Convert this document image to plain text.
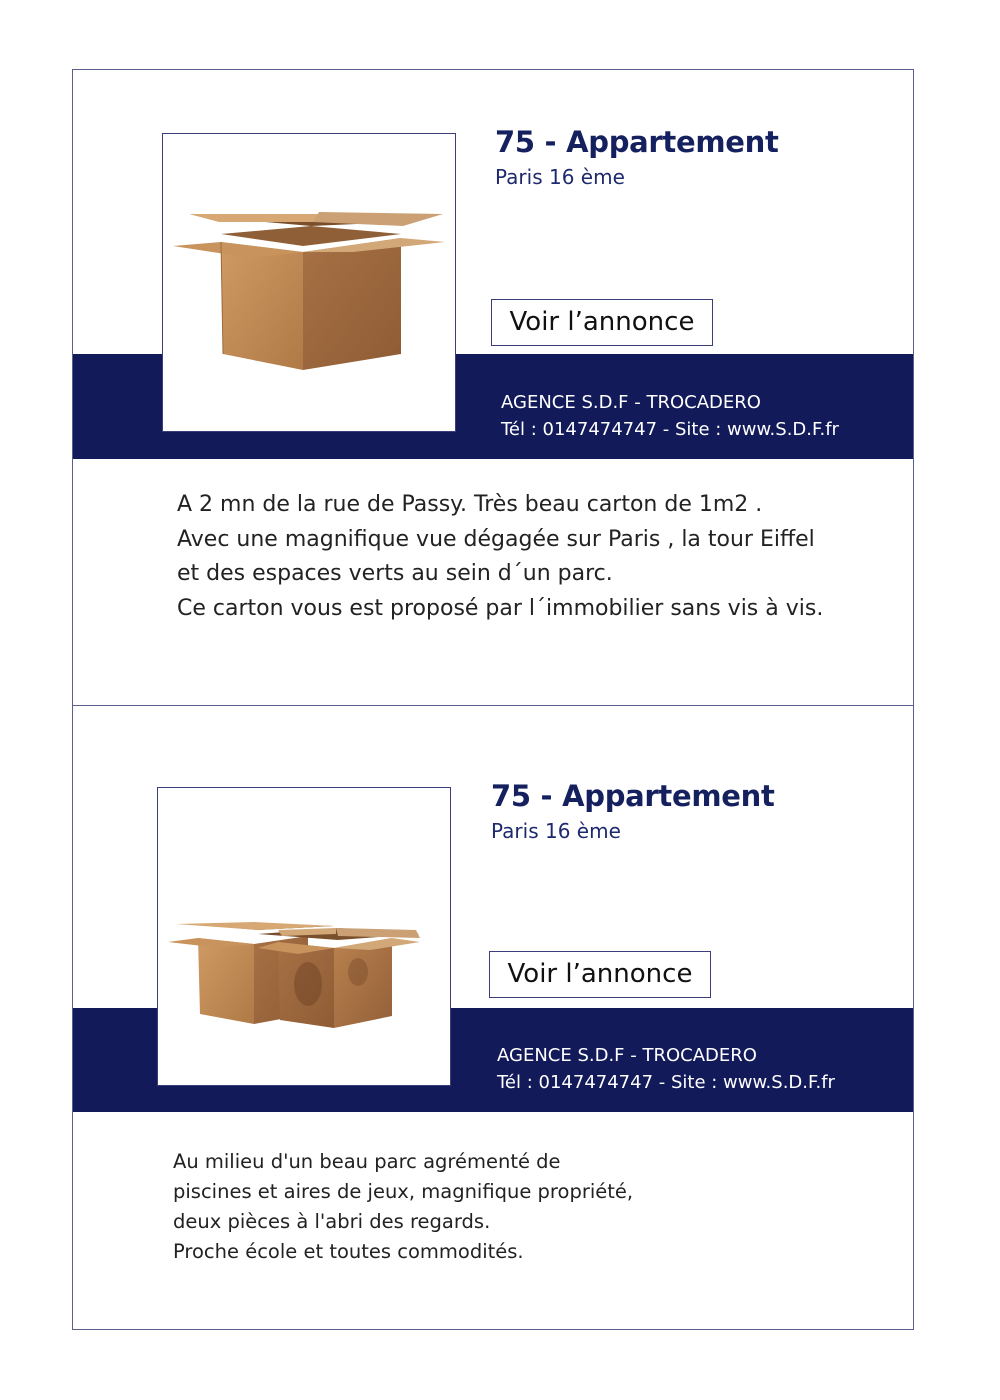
75 - Appartement
Paris 16 ème
Voir l’annonce
AGENCE S.D.F - TROCADERO
Tél : 0147474747 - Site : www.S.D.F.fr
A 2 mn de la rue de Passy. Très beau carton de 1m2 .
Avec une magnifique vue dégagée sur Paris , la tour Eiffel
et des espaces verts au sein d´un parc.
Ce carton vous est proposé par l´immobilier sans vis à vis.
75 - Appartement
Paris 16 ème
Voir l’annonce
AGENCE S.D.F - TROCADERO
Tél : 0147474747 - Site : www.S.D.F.fr
Au milieu d'un beau parc agrémenté de
piscines et aires de jeux, magnifique propriété,
deux pièces à l'abri des regards.
Proche école et toutes commodités.
